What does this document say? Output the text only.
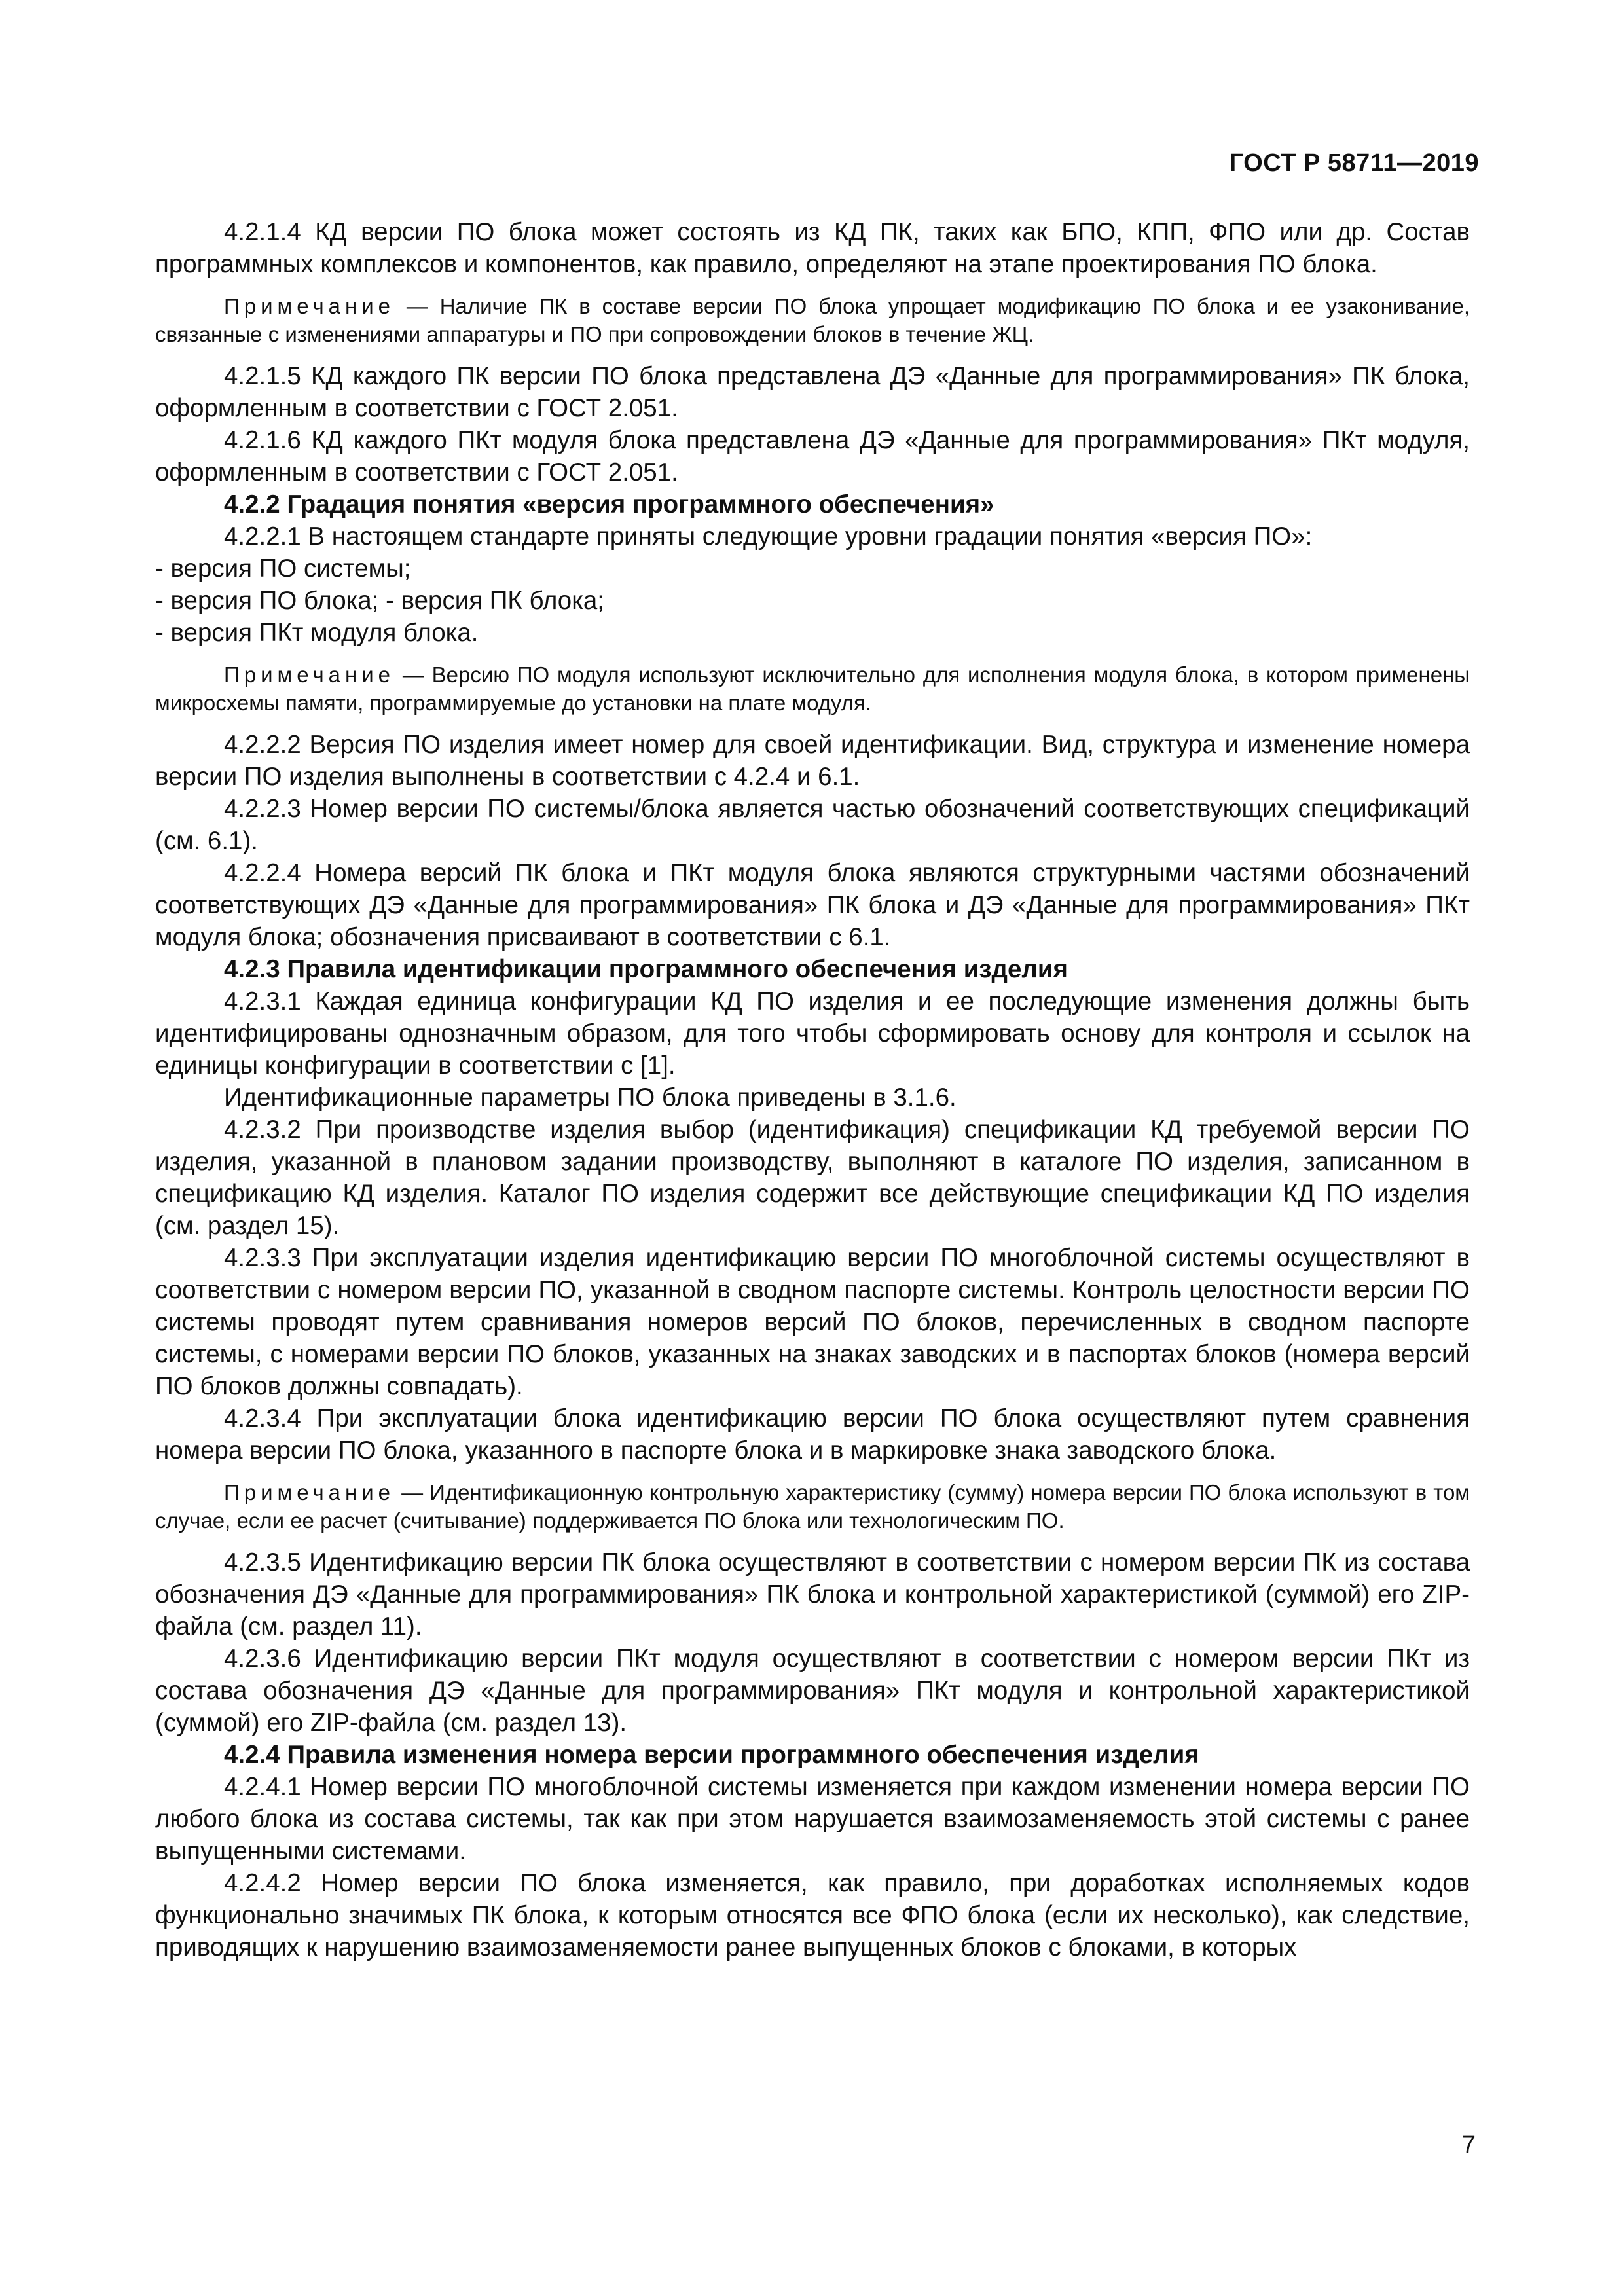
ГОСТ Р 58711—2019

4.2.1.4 КД версии ПО блока может состоять из КД ПК, таких как БПО, КПП, ФПО или др. Состав программных комплексов и компонентов, как правило, определяют на этапе проектирования ПО блока.

Примечание — Наличие ПК в составе версии ПО блока упрощает модификацию ПО блока и ее узаконивание, связанные с изменениями аппаратуры и ПО при сопровождении блоков в течение ЖЦ.

4.2.1.5 КД каждого ПК версии ПО блока представлена ДЭ «Данные для программирования» ПК блока, оформленным в соответствии с ГОСТ 2.051.

4.2.1.6 КД каждого ПКт модуля блока представлена ДЭ «Данные для программирования» ПКт модуля, оформленным в соответствии с ГОСТ 2.051.

4.2.2 Градация понятия «версия программного обеспечения»

4.2.2.1 В настоящем стандарте приняты следующие уровни градации понятия «версия ПО»:

- версия ПО системы;

- версия ПО блока; - версия ПК блока;

- версия ПКт модуля блока.

Примечание — Версию ПО модуля используют исключительно для исполнения модуля блока, в котором применены микросхемы памяти, программируемые до установки на плате модуля.

4.2.2.2 Версия ПО изделия имеет номер для своей идентификации. Вид, структура и изменение номера версии ПО изделия выполнены в соответствии с 4.2.4 и 6.1.

4.2.2.3 Номер версии ПО системы/блока является частью обозначений соответствующих спецификаций (см. 6.1).

4.2.2.4 Номера версий ПК блока и ПКт модуля блока являются структурными частями обозначений соответствующих ДЭ «Данные для программирования» ПК блока и ДЭ «Данные для программирования» ПКт модуля блока; обозначения присваивают в соответствии с 6.1.

4.2.3 Правила идентификации программного обеспечения изделия

4.2.3.1 Каждая единица конфигурации КД ПО изделия и ее последующие изменения должны быть идентифицированы однозначным образом, для того чтобы сформировать основу для контроля и ссылок на единицы конфигурации в соответствии с [1].

Идентификационные параметры ПО блока приведены в 3.1.6.

4.2.3.2 При производстве изделия выбор (идентификация) спецификации КД требуемой версии ПО изделия, указанной в плановом задании производству, выполняют в каталоге ПО изделия, записанном в спецификацию КД изделия. Каталог ПО изделия содержит все действующие спецификации КД ПО изделия (см. раздел 15).

4.2.3.3 При эксплуатации изделия идентификацию версии ПО многоблочной системы осуществляют в соответствии с номером версии ПО, указанной в сводном паспорте системы. Контроль целостности версии ПО системы проводят путем сравнивания номеров версий ПО блоков, перечисленных в сводном паспорте системы, с номерами версии ПО блоков, указанных на знаках заводских и в паспортах блоков (номера версий ПО блоков должны совпадать).

4.2.3.4 При эксплуатации блока идентификацию версии ПО блока осуществляют путем сравнения номера версии ПО блока, указанного в паспорте блока и в маркировке знака заводского блока.

Примечание — Идентификационную контрольную характеристику (сумму) номера версии ПО блока используют в том случае, если ее расчет (считывание) поддерживается ПО блока или технологическим ПО.

4.2.3.5 Идентификацию версии ПК блока осуществляют в соответствии с номером версии ПК из состава обозначения ДЭ «Данные для программирования» ПК блока и контрольной характеристикой (суммой) его ZIP-файла (см. раздел 11).

4.2.3.6 Идентификацию версии ПКт модуля осуществляют в соответствии с номером версии ПКт из состава обозначения ДЭ «Данные для программирования» ПКт модуля и контрольной характеристикой (суммой) его ZIP-файла (см. раздел 13).

4.2.4 Правила изменения номера версии программного обеспечения изделия

4.2.4.1 Номер версии ПО многоблочной системы изменяется при каждом изменении номера версии ПО любого блока из состава системы, так как при этом нарушается взаимозаменяемость этой системы с ранее выпущенными системами.

4.2.4.2 Номер версии ПО блока изменяется, как правило, при доработках исполняемых кодов функционально значимых ПК блока, к которым относятся все ФПО блока (если их несколько), как следствие, приводящих к нарушению взаимозаменяемости ранее выпущенных блоков с блоками, в которых

7
